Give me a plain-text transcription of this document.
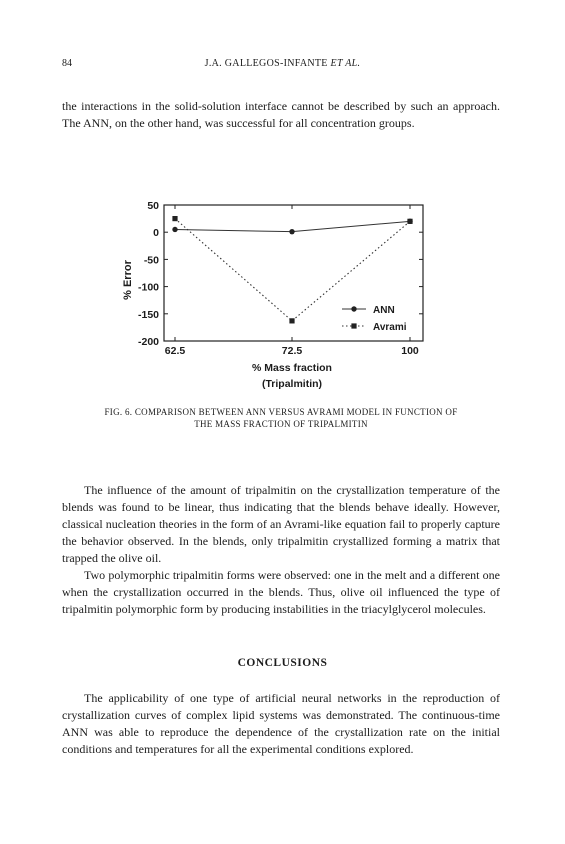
84	J.A. GALLEGOS-INFANTE ET AL.

the interactions in the solid-solution interface cannot be described by such an approach. The ANN, on the other hand, was successful for all concentration groups.

50
0
-50
-100
-150
-200
62.5	72.5	100
ANN
Avrami
% Error
% Mass fraction
(Tripalmitin)
FIG. 6. COMPARISON BETWEEN ANN VERSUS AVRAMI MODEL IN FUNCTION OF
THE MASS FRACTION OF TRIPALMITIN

The influence of the amount of tripalmitin on the crystallization temperature of the blends was found to be linear, thus indicating that the blends behave ideally. However, classical nucleation theories in the form of an Avrami-like equation fail to properly capture the behavior observed. In the blends, only tripalmitin crystallized forming a matrix that trapped the olive oil.

Two polymorphic tripalmitin forms were observed: one in the melt and a different one when the crystallization occurred in the blends. Thus, olive oil influenced the type of tripalmitin polymorphic form by producing instabilities in the triacylglycerol molecules.

CONCLUSIONS

The applicability of one type of artificial neural networks in the reproduction of crystallization curves of complex lipid systems was demonstrated. The continuous-time ANN was able to reproduce the dependence of the crystallization rate on the initial conditions and temperatures for all the experimental conditions explored.
